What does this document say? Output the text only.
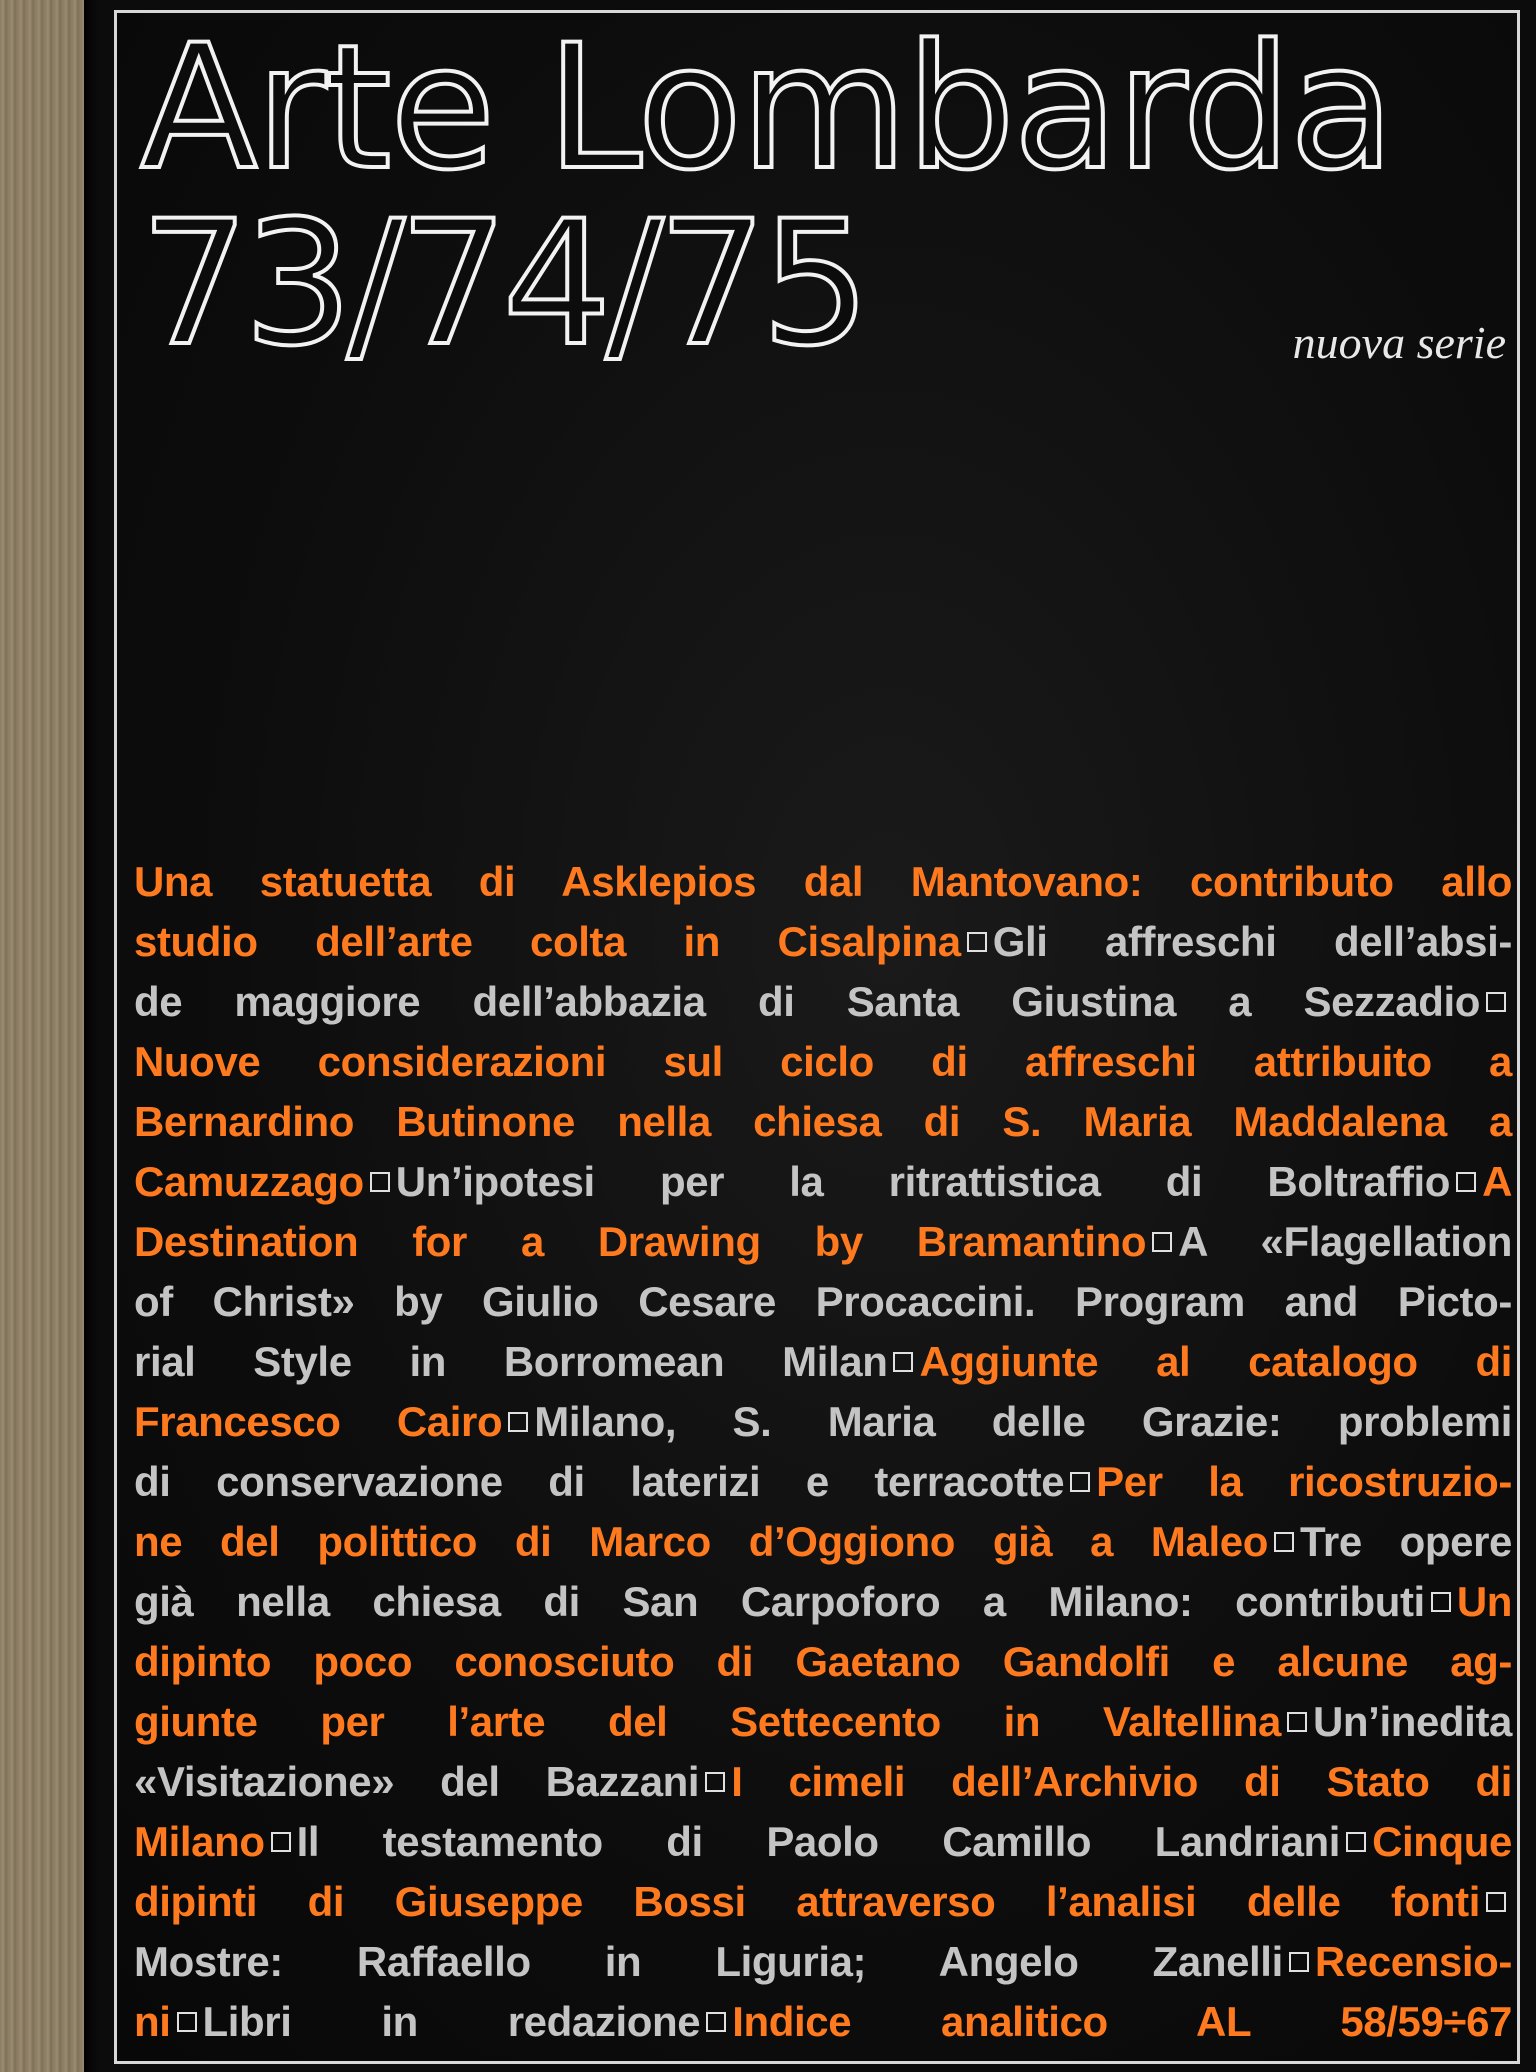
Arte Lombarda
73/74/75	nuova serie

Una statuetta di Asklepios dal Mantovano: contributo allo
studio dell’arte colta in Cisalpina Gli affreschi dell’absi-
de maggiore dell’abbazia di Santa Giustina a Sezzadio
Nuove considerazioni sul ciclo di affreschi attribuito a
Bernardino Butinone nella chiesa di S. Maria Maddalena a
Camuzzago Un’ipotesi per la ritrattistica di Boltraffio A
Destination for a Drawing by Bramantino A «Flagellation
of Christ» by Giulio Cesare Procaccini. Program and Picto-
rial Style in Borromean Milan Aggiunte al catalogo di
Francesco Cairo Milano, S. Maria delle Grazie: problemi
di conservazione di laterizi e terracotte Per la ricostruzio-
ne del polittico di Marco d’Oggiono già a Maleo Tre opere
già nella chiesa di San Carpoforo a Milano: contributi Un
dipinto poco conosciuto di Gaetano Gandolfi e alcune ag-
giunte per l’arte del Settecento in Valtellina Un’inedita
«Visitazione» del Bazzani I cimeli dell’Archivio di Stato di
Milano Il testamento di Paolo Camillo Landriani Cinque
dipinti di Giuseppe Bossi attraverso l’analisi delle fonti
Mostre: Raffaello in Liguria; Angelo Zanelli Recensio-
ni Libri in redazione Indice analitico AL 58/59÷67
